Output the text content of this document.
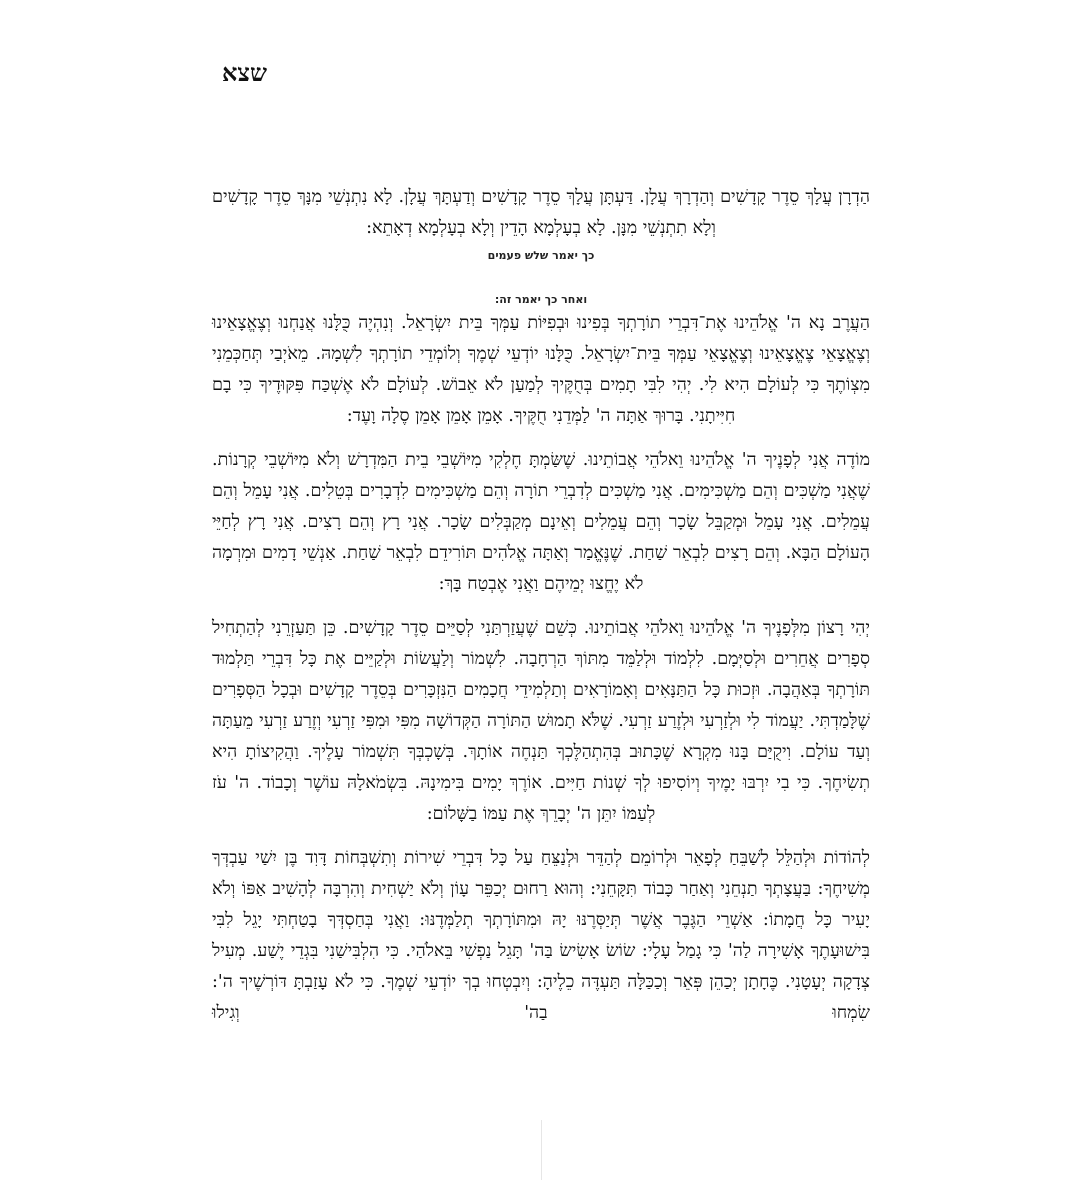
שצא

הַדְרָן עֲלָךְ סֵדֶר קָדָשִׁים וְהַדְרָךְ עֲלָן. דַּעְתָּן עֲלָךְ סֵדֶר קָדָשִׁים וְדַעְתָּךְ עֲלָן. לָא נִתְנְשֵׁי מִנָּךְ סֵדֶר קָדָשִׁים וְלָא תִתְנְשֵׁי מִנָּן. לָא בְעָלְמָא הָדֵין וְלָא בְעָלְמָא דְאָתֵא:

כך יאמר שלש פעמים
ואחר כך יאמר זה:

הַעֲרֶב נָא ה' אֱלֹהֵינוּ אֶת־דִּבְרֵי תוֹרָתְךָ בְּפִינוּ וּבְפִיּוֹת עַמְּךָ בֵּית יִשְׂרָאֵל. וְנִהְיֶה כֻּלָּנוּ אֲנַחְנוּ וְצֶאֱצָאֵינוּ וְצֶאֱצָאֵי צֶאֱצָאֵינוּ וְצֶאֱצָאֵי עַמְּךָ בֵּית־יִשְׂרָאֵל. כֻּלָּנוּ יוֹדְעֵי שְׁמֶךָ וְלוֹמְדֵי תוֹרָתְךָ לִשְׁמָהּ. מֵאֹיְבַי תְּחַכְּמֵנִי מִצְוֹתֶךָ כִּי לְעוֹלָם הִיא לִי. יְהִי לִבִּי תָמִים בְּחֻקֶּיךָ לְמַעַן לֹא אֵבוֹשׁ. לְעוֹלָם לֹא אֶשְׁכַּח פִּקּוּדֶיךָ כִּי בָם חִיִּיתָנִי. בָּרוּךְ אַתָּה ה' לַמְּדֵנִי חֻקֶּיךָ. אָמֵן אָמֵן אָמֵן סֶלָה וָעֶד:

מוֹדֶה אֲנִי לְפָנֶיךָ ה' אֱלֹהֵינוּ וֵאלֹהֵי אֲבוֹתֵינוּ. שֶׁשַּׂמְתָּ חֶלְקִי מִיּוֹשְׁבֵי בֵית הַמִּדְרָשׁ וְלֹא מִיּוֹשְׁבֵי קְרָנוֹת. שֶׁאֲנִי מַשְׁכִּים וְהֵם מַשְׁכִּימִים. אֲנִי מַשְׁכִּים לְדִבְרֵי תוֹרָה וְהֵם מַשְׁכִּימִים לִדְבָרִים בְּטֵלִים. אֲנִי עָמֵל וְהֵם עֲמֵלִים. אֲנִי עָמֵל וּמְקַבֵּל שָׂכָר וְהֵם עֲמֵלִים וְאֵינָם מְקַבְּלִים שָׂכָר. אֲנִי רָץ וְהֵם רָצִים. אֲנִי רָץ לְחַיֵּי הָעוֹלָם הַבָּא. וְהֵם רָצִים לִבְאֵר שַׁחַת. שֶׁנֶּאֱמַר וְאַתָּה אֱלֹהִים תּוֹרִידֵם לִבְאֵר שַׁחַת. אַנְשֵׁי דָמִים וּמִרְמָה לֹא יֶחֱצוּ יְמֵיהֶם וַאֲנִי אֶבְטַח בָּךְ:

יְהִי רָצוֹן מִלְּפָנֶיךָ ה' אֱלֹהֵינוּ וֵאלֹהֵי אֲבוֹתֵינוּ. כְּשֵׁם שֶׁעֲזַרְתַּנִי לְסַיֵּים סֵדֶר קָדָשִׁים. כֵּן תַּעַזְרֵנִי לְהַתְחִיל סְפָרִים אֲחֵרִים וּלְסַיְּמָם. לִלְמוֹד וּלְלַמֵּד מִתּוֹךְ הַרְחָבָה. לִשְׁמוֹר וְלַעֲשׂוֹת וּלְקַיֵּים אֶת כָּל דִּבְרֵי תַּלְמוּד תּוֹרָתְךָ בְּאַהֲבָה. וּזְכוּת כָּל הַתַּנָּאִים וְאָמוֹרָאִים וְתַלְמִידֵי חֲכָמִים הַנִּזְכָּרִים בְּסֵדֶר קָדָשִׁים וּבְכָל הַסְּפָרִים שֶׁלָּמַדְתִּי. יַעֲמוֹד לִי וּלְזַרְעִי וּלְזֶרַע זַרְעִי. שֶׁלֹּא תָמוּשׁ הַתּוֹרָה הַקְּדוֹשָׁה מִפִּי וּמִפִּי זַרְעִי וְזֶרַע זַרְעִי מֵעַתָּה וְעַד עוֹלָם. וִיקֻיַּם בָּנוּ מִקְרָא שֶׁכָּתוּב בְּהִתְהַלֶּכְךָ תַּנְחֶה אוֹתָךְ. בְּשָׁכְבְּךָ תִּשְׁמוֹר עָלֶיךָ. וַהֲקִיצוֹתָ הִיא תְשִׂיחֶךָ. כִּי בִי יִרְבּוּ יָמֶיךָ וְיוֹסִיפוּ לְךָ שְׁנוֹת חַיִּים. אוֹרֶךְ יָמִים בִּימִינָהּ. בִּשְׂמֹאלָהּ עוֹשֶׁר וְכָבוֹד. ה' עֹז לְעַמּוֹ יִתֵּן ה' יְבָרֵךְ אֶת עַמּוֹ בַשָּׁלוֹם:

לְהוֹדוֹת וּלְהַלֵּל לְשַׁבֵּחַ לְפָאֵר וּלְרוֹמֵם לְהַדֵּר וּלְנַצֵּחַ עַל כָּל דִּבְרֵי שִׁירוֹת וְתִשְׁבְּחוֹת דָּוִד בֶּן יִשַׁי עַבְדְּךָ מְשִׁיחֶךָ: בַּעֲצָתְךָ תַנְחֵנִי וְאַחַר כָּבוֹד תִּקָּחֵנִי: וְהוּא רַחוּם יְכַפֵּר עָוֹן וְלֹא יַשְׁחִית וְהִרְבָּה לְהָשִׁיב אַפּוֹ וְלֹא יָעִיר כָּל חֲמָתוֹ: אַשְׁרֵי הַגֶּבֶר אֲשֶׁר תְּיַסְּרֶנּוּ יָהּ וּמִתּוֹרָתְךָ תְלַמְּדֶנּוּ: וַאֲנִי בְּחַסְדְּךָ בָטַחְתִּי יָגֵל לִבִּי בִּישׁוּעָתֶךָ אָשִׁירָה לַה' כִּי גָמַל עָלָי: שׂוֹשׂ אָשִׂישׂ בַּה' תָּגֵל נַפְשִׁי בֵּאלֹהַי. כִּי הִלְבִּישַׁנִי בִּגְדֵי יֶשַׁע. מְעִיל צְדָקָה יְעָטָנִי. כֶּחָתָן יְכַהֵן פְּאֵר וְכַכַּלָּה תַּעְדֶּה כֵלֶיהָ: וְיִבְטְחוּ בְךָ יוֹדְעֵי שְׁמֶךָ. כִּי לֹא עָזַבְתָּ דּוֹרְשֶׁיךָ ה': שִׂמְחוּ בַה' וְגִילוּ
